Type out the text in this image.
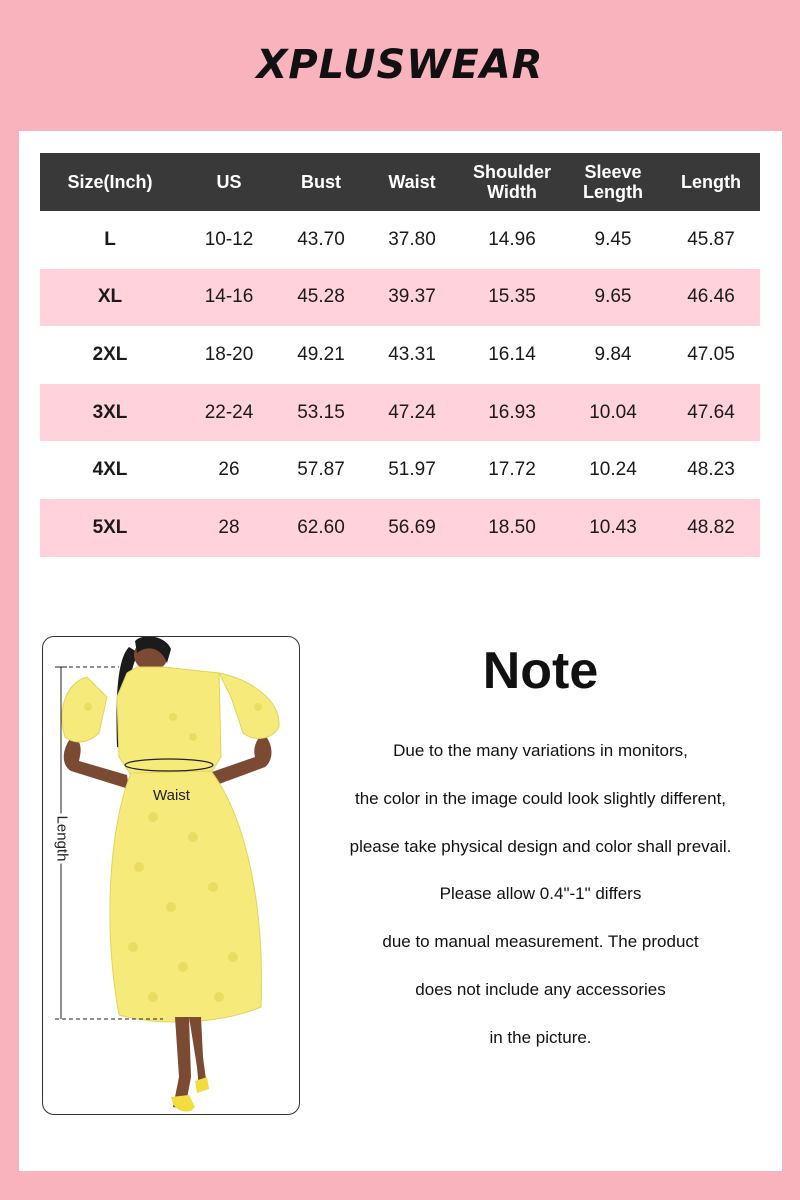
XPLUSWEAR
Size(Inch)	US	Bust	Waist	Shoulder Width	Sleeve Length	Length
L	10-12	43.70	37.80	14.96	9.45	45.87
XL	14-16	45.28	39.37	15.35	9.65	46.46
2XL	18-20	49.21	43.31	16.14	9.84	47.05
3XL	22-24	53.15	47.24	16.93	10.04	47.64
4XL	26	57.87	51.97	17.72	10.24	48.23
5XL	28	62.60	56.69	18.50	10.43	48.82
Waist
Length
Note
Due to the many variations in monitors,
the color in the image could look slightly different,
please take physical design and color shall prevail.
Please allow 0.4"-1" differs
due to manual measurement. The product
does not include any accessories
in the picture.
